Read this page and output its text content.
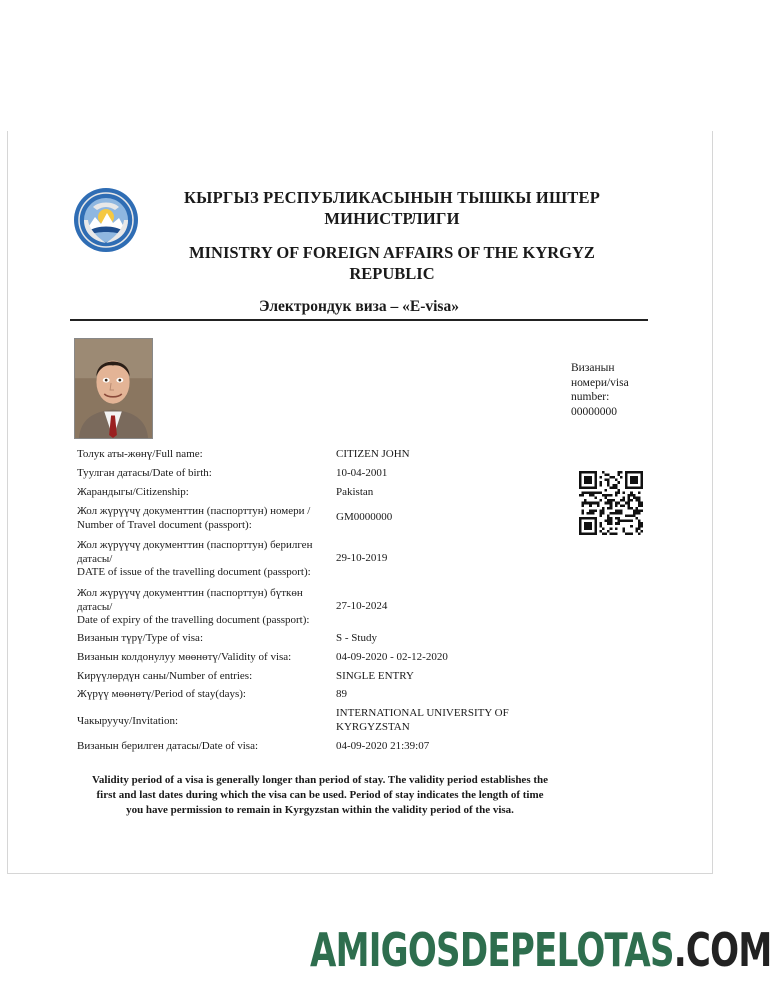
КЫРГЫЗ РЕСПУБЛИКАСЫНЫН ТЫШКЫ ИШТЕР
МИНИСТРЛИГИ
MINISTRY OF FOREIGN AFFAIRS OF THE KYRGYZ
REPUBLIC
Электрондук виза – «E-visa»
Визанын
номери/visa
number:
00000000
Толук аты-жөнү/Full name:	CITIZEN JOHN
Туулган датасы/Date of birth:	10-04-2001
Жарандыгы/Citizenship:	Pakistan
Жол жүрүүчү документтин (паспорттун) номери /
Number of Travel document (passport):
GM0000000
Жол жүрүүчү документтин (паспорттун) берилген
датасы/
DATE of issue of the travelling document (passport):
29-10-2019
Жол жүрүүчү документтин (паспорттун) бүткөн
датасы/
Date of expiry of the travelling document (passport):
27-10-2024
Визанын түрү/Type of visa:	S - Study
Визанын колдонулуу мөөнөтү/Validity of visa:	04-09-2020 - 02-12-2020
Кирүүлөрдүн саны/Number of entries:	SINGLE ENTRY
Жүрүү мөөнөтү/Period of stay(days):	89
Чакыруучу/Invitation:
INTERNATIONAL UNIVERSITY OF
KYRGYZSTAN
Визанын берилген датасы/Date of visa:	04-09-2020 21:39:07
Validity period of a visa is generally longer than period of stay. The validity period establishes the
first and last dates during which the visa can be used. Period of stay indicates the length of time
you have permission to remain in Kyrgyzstan within the validity period of the visa.
AMIGOSDEPELOTAS.COM
